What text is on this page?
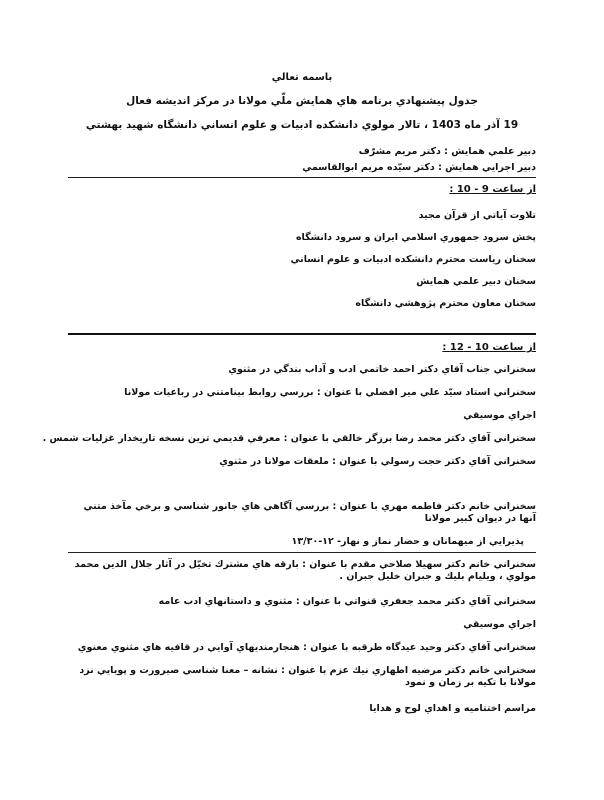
باسمه تعالي
جدول پيشنهادي برنامه هاي همايش ملّي مولانا در مركز انديشه فعال
19 آذر ماه 1403 ، تالار مولوي دانشكده ادبيات و علوم انساني دانشگاه شهيد بهشتي
دبير علمي همايش : دكتر مريم مشرّف
دبير اجرايي همايش : دكتر سيّده مريم ابوالقاسمي
از ساعت 9 - 10 :
تلاوت آياتي از قرآن مجيد
پخش سرود جمهوري اسلامي ايران و سرود دانشگاه
سخنان رياست محترم دانشكده ادبيات و علوم انساني
سخنان دبير علمي همايش
سخنان معاون محترم پژوهشي دانشگاه
از ساعت 10 - 12 :
سخنراني جناب آقاي دكتر احمد خاتمي ادب و آداب بندگي در مثنوي
سخنراني استاد سيّد علي مير افضلي با عنوان : بررسي روابط بينامتني در رباعيات مولانا
اجراي موسيقي
سخنراني آقاي دكتر محمد رضا برزگر خالقي با عنوان : معرفي قديمي ترين نسخه تاريخدار غزليات شمس .
سخنراني آقاي دكتر حجت رسولي با عنوان : ملعقات مولانا در مثنوي
سخنراني خانم دكتر فاطمه مهري با عنوان : بررسي آگاهي هاي جانور شناسي و برخي مآخذ متني آنها در ديوان كبير مولانا
پذيرايي از ميهمانان و حضار نماز و نهار- ١٢-١٣/٣٠
سخنراني خانم دكتر سهيلا صلاحي مقدم با عنوان : بارقه هاي مشترك تخيّل در آثار جلال الدين محمد مولوي ، ويليام بليك و جبران خليل جبران .
سخنراني آقاي دكتر محمد جعفري قنواتي با عنوان : مثنوي و داستانهاي ادب عامه
اجراي موسيقي
سخنراني آقاي دكتر وحيد عيدگاه طرقبه با عنوان : هنجارمنديهاي آوايي در قافيه هاي مثنوي معنوي
سخنراني خانم دكتر مرضيه اطهاري نيك عزم با عنوان : نشانه – معنا شناسي صيرورت و پويايي نزد مولانا با تكيه بر زمان و نمود
مراسم اختتاميه و اهداي لوح و هدايا
